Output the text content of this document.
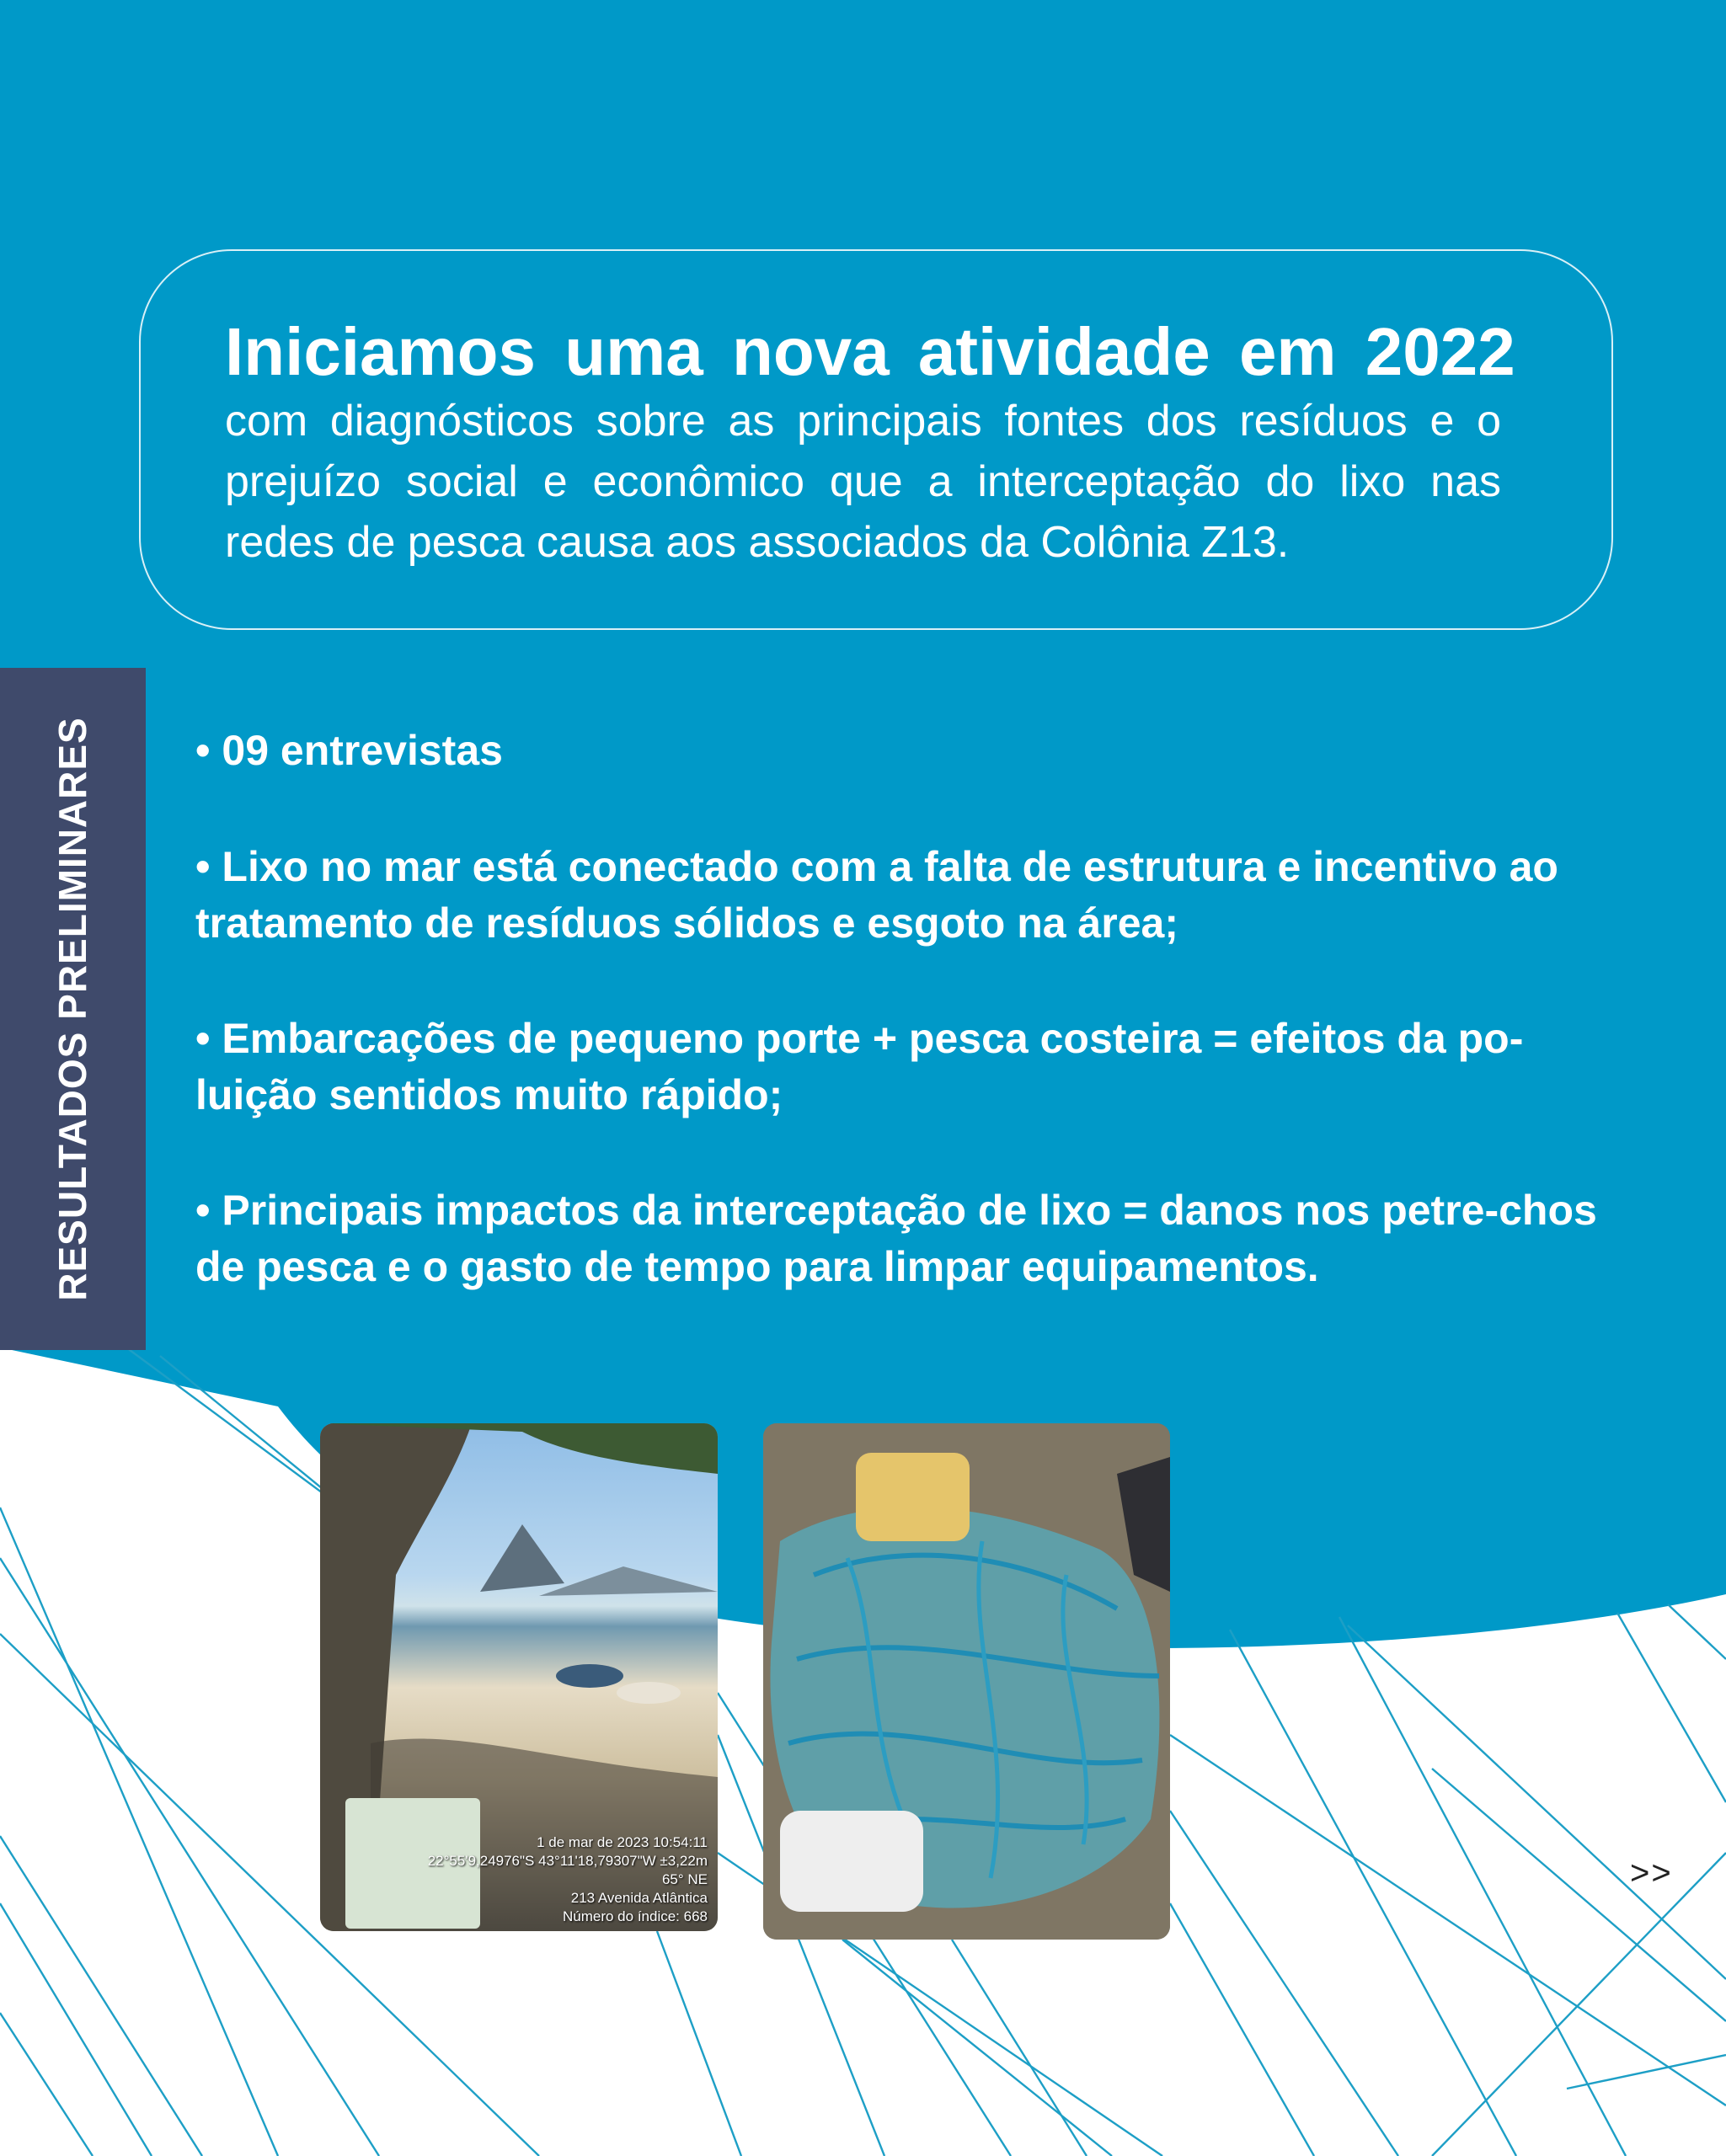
Iniciamos uma nova atividade em 2022
com diagnósticos sobre as principais fontes dos resíduos e o prejuízo social e econômico que a interceptação do lixo nas redes de pesca causa aos associados da Colônia Z13.
RESULTADOS PRELIMINARES • 09 entrevistas
• Lixo no mar está conectado com a falta de estrutura e incentivo ao tratamento de resíduos sólidos e esgoto na área;
• Embarcações de pequeno porte + pesca costeira = efeitos da po-luição sentidos muito rápido;
• Principais impactos da interceptação de lixo = danos nos petre-chos de pesca e o gasto de tempo para limpar equipamentos.
1 de mar de 2023 10:54:11
22°55'9,24976"S 43°11'18,79307"W ±3,22m
65° NE
213 Avenida Atlântica
Número do índice: 668
>>
